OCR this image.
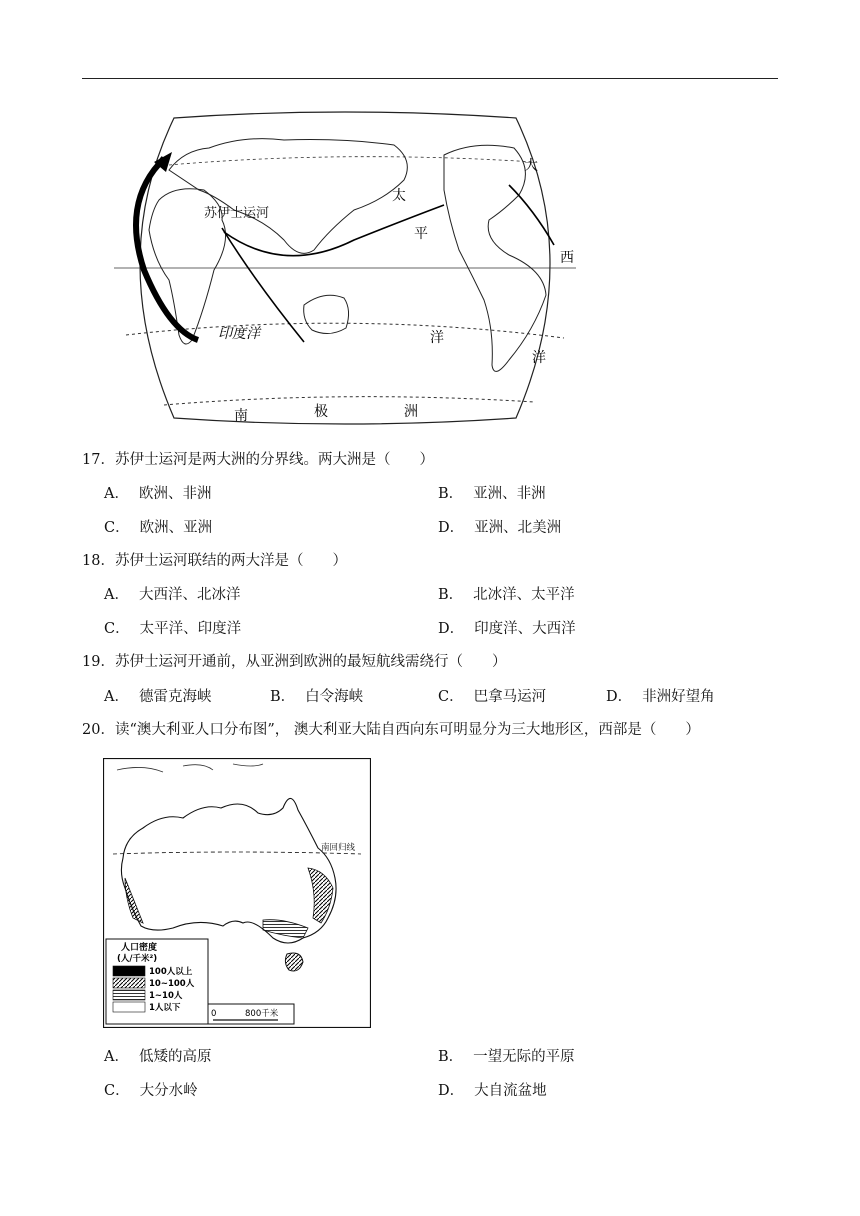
苏伊士运河
太
平
印度洋	洋
大
西
洋
南	极	洲
17．苏伊士运河是两大洲的分界线。两大洲是（　　）
A． 欧洲、非洲	B． 亚洲、非洲
C． 欧洲、亚洲	D． 亚洲、北美洲
18．苏伊士运河联结的两大洋是（　　）
A． 大西洋、北冰洋	B． 北冰洋、太平洋
C． 太平洋、印度洋	D． 印度洋、大西洋
19．苏伊士运河开通前，从亚洲到欧洲的最短航线需绕行（　　）
A． 德雷克海峡	B． 白令海峡	C． 巴拿马运河	D． 非洲好望角
20．读“澳大利亚人口分布图”， 澳大利亚大陆自西向东可明显分为三大地形区，西部是（　　）
南回归线
人口密度
(人/千米²)
100人以上
10~100人
1~10人
1人以下
0	800千米
A． 低矮的高原	B． 一望无际的平原
C． 大分水岭	D． 大自流盆地
